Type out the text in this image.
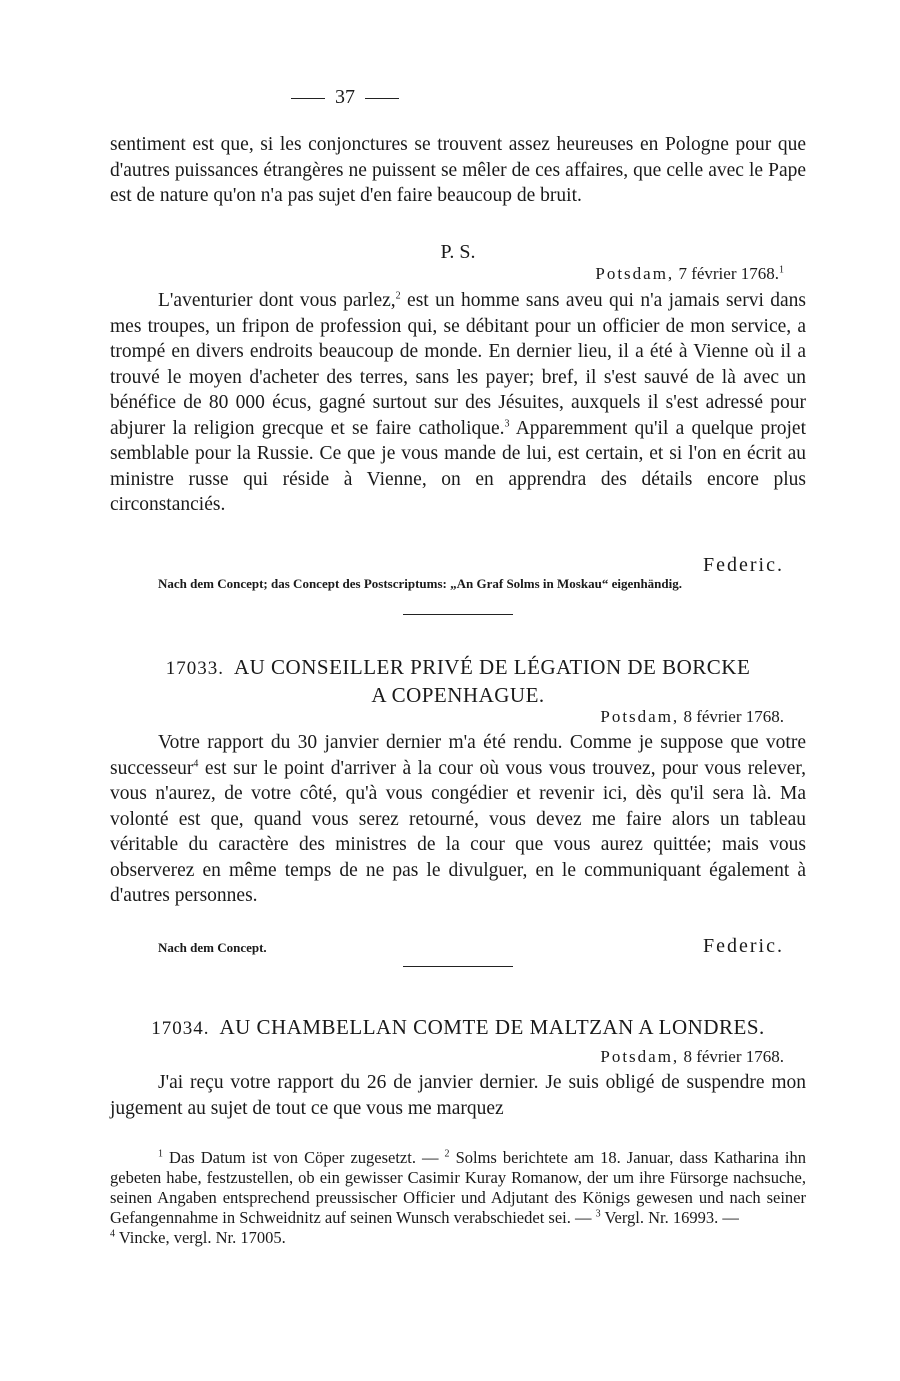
37

sentiment est que, si les conjonctures se trouvent assez heureuses en Pologne pour que d'autres puissances étrangères ne puissent se mêler de ces affaires, que celle avec le Pape est de nature qu'on n'a pas sujet d'en faire beaucoup de bruit.

P. S.
Potsdam, 7 février 1768.$^1$

L'aventurier dont vous parlez,$^2$ est un homme sans aveu qui n'a jamais servi dans mes troupes, un fripon de profession qui, se débitant pour un officier de mon service, a trompé en divers endroits beaucoup de monde. En dernier lieu, il a été à Vienne où il a trouvé le moyen d'acheter des terres, sans les payer; bref, il s'est sauvé de là avec un bénéfice de 80 000 écus, gagné surtout sur des Jésuites, auxquels il s'est adressé pour abjurer la religion grecque et se faire catholique.$^3$ Apparemment qu'il a quelque projet semblable pour la Russie. Ce que je vous mande de lui, est certain, et si l'on en écrit au ministre russe qui réside à Vienne, on en apprendra des détails encore plus circonstanciés.

Federic.
Nach dem Concept; das Concept des Postscriptums: „An Graf Solms in Moskau“ eigenhändig.
17033. AU CONSEILLER PRIVÉ DE LÉGATION DE BORCKE
A COPENHAGUE.
Potsdam, 8 février 1768.

Votre rapport du 30 janvier dernier m'a été rendu. Comme je suppose que votre successeur$^4$ est sur le point d'arriver à la cour où vous vous trouvez, pour vous relever, vous n'aurez, de votre côté, qu'à vous congédier et revenir ici, dès qu'il sera là. Ma volonté est que, quand vous serez retourné, vous devez me faire alors un tableau véritable du caractère des ministres de la cour que vous aurez quittée; mais vous observerez en même temps de ne pas le divulguer, en le communiquant également à d'autres personnes.

Nach dem Concept.	Federic.
17034. AU CHAMBELLAN COMTE DE MALTZAN A LONDRES.
Potsdam, 8 février 1768.

J'ai reçu votre rapport du 26 de janvier dernier. Je suis obligé de suspendre mon jugement au sujet de tout ce que vous me marquez

$^1$ Das Datum ist von Cöper zugesetzt. — $^2$ Solms berichtete am 18. Januar, dass Katharina ihn gebeten habe, festzustellen, ob ein gewisser Casimir Kuray Romanow, der um ihre Fürsorge nachsuche, seinen Angaben entsprechend preussischer Officier und Adjutant des Königs gewesen und nach seiner Gefangennahme in Schweidnitz auf seinen Wunsch verabschiedet sei. — $^3$ Vergl. Nr. 16993. —
$^4$ Vincke, vergl. Nr. 17005.
